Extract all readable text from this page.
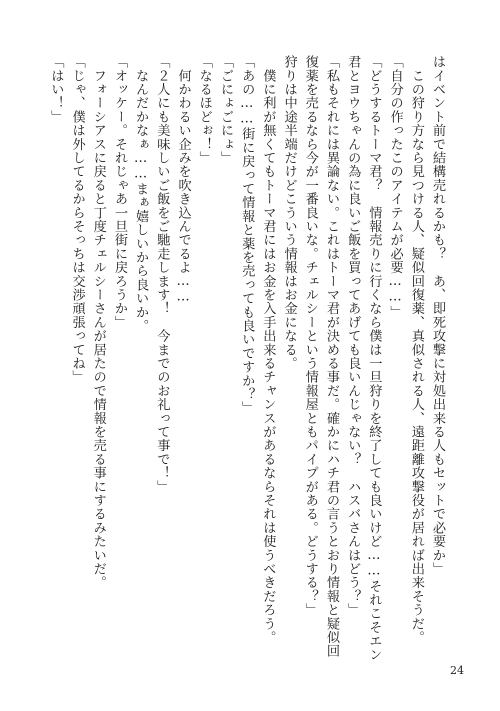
はイベント前で結構売れるかも？　あ、即死攻撃に対処出来る人もセットで必要か」
　この狩り方なら見つける人、疑似回復薬、真似される人、遠距離攻撃役が居れば出来そうだ。
「自分の作ったこのアイテムが必要……」
「どうするトーマ君？　情報売りに行くなら僕は一旦狩りを終了しても良いけど……それこそエン
君とヨウちゃんの為に良いご飯を買ってあげても良いんじゃない？　ハスバさんはどう？」
「私もそれには異論ない。これはトーマ君が決める事だ。確かにハチ君の言うとおり情報と疑似回
復薬を売るなら今が一番良いな。チェルシーという情報屋ともパイプがある。どうする？」
狩りは中途半端だけどこういう情報はお金になる。
　僕に利が無くてもトーマ君にはお金を入手出来るチャンスがあるならそれは使うべきだろう。
「あの……街に戻って情報と薬を売っても良いですか？」
「ごにょごにょ」
「なるほどぉ！」
　何かわるい企みを吹き込んでるよ……
「２人にも美味しいご飯をご馳走します！　今までのお礼って事で！」
　なんだかなぁ……まぁ嬉しいから良いか。
「オッケー。それじゃあ一旦街に戻ろうか」
　フォーシアスに戻ると丁度チェルシーさんが居たので情報を売る事にするみたいだ。
「じゃ、僕は外してるからそっちは交渉頑張ってね」
「はい！」
24
